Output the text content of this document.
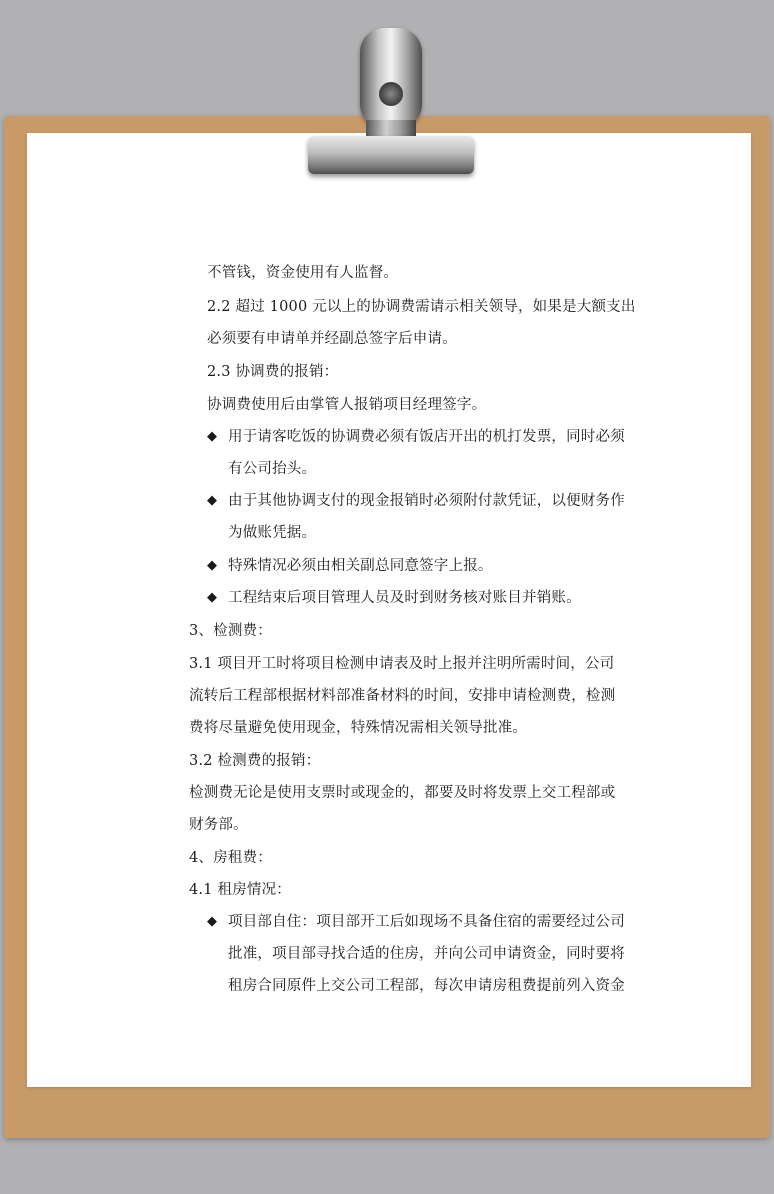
不管钱，资金使用有人监督。
2.2 超过 1000 元以上的协调费需请示相关领导，如果是大额支出
必须要有申请单并经副总签字后申请。
2.3 协调费的报销：
协调费使用后由掌管人报销项目经理签字。
◆ 用于请客吃饭的协调费必须有饭店开出的机打发票，同时必须
有公司抬头。
◆ 由于其他协调支付的现金报销时必须附付款凭证，以便财务作
为做账凭据。
◆ 特殊情况必须由相关副总同意签字上报。
◆ 工程结束后项目管理人员及时到财务核对账目并销账。
3、检测费：
3.1 项目开工时将项目检测申请表及时上报并注明所需时间，公司
流转后工程部根据材料部准备材料的时间，安排申请检测费，检测
费将尽量避免使用现金，特殊情况需相关领导批准。
3.2 检测费的报销：
检测费无论是使用支票时或现金的，都要及时将发票上交工程部或
财务部。
4、房租费：
4.1 租房情况：
◆ 项目部自住：项目部开工后如现场不具备住宿的需要经过公司
批准，项目部寻找合适的住房，并向公司申请资金，同时要将
租房合同原件上交公司工程部，每次申请房租费提前列入资金
